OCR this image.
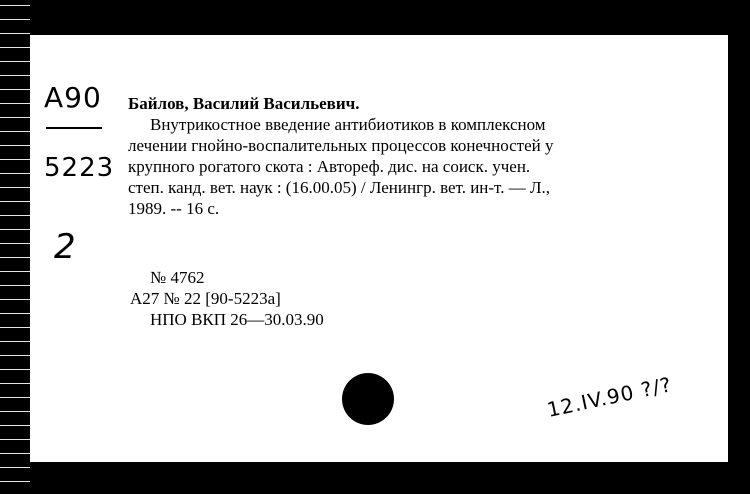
A90
5223
2
Байлов, Василий Васильевич.
Внутрикостное введение антибиотиков в комплексном
лечении гнойно-воспалительных процессов конечностей у
крупного рогатого скота : Автореф. дис. на соиск. учен.
степ. канд. вет. наук : (16.00.05) / Ленингр. вет. ин-т. — Л.,
1989. -- 16 с.
№ 4762
А27 № 22 [90-5223а]
НПО ВКП 26—30.03.90
12.IV.90 ?/?
